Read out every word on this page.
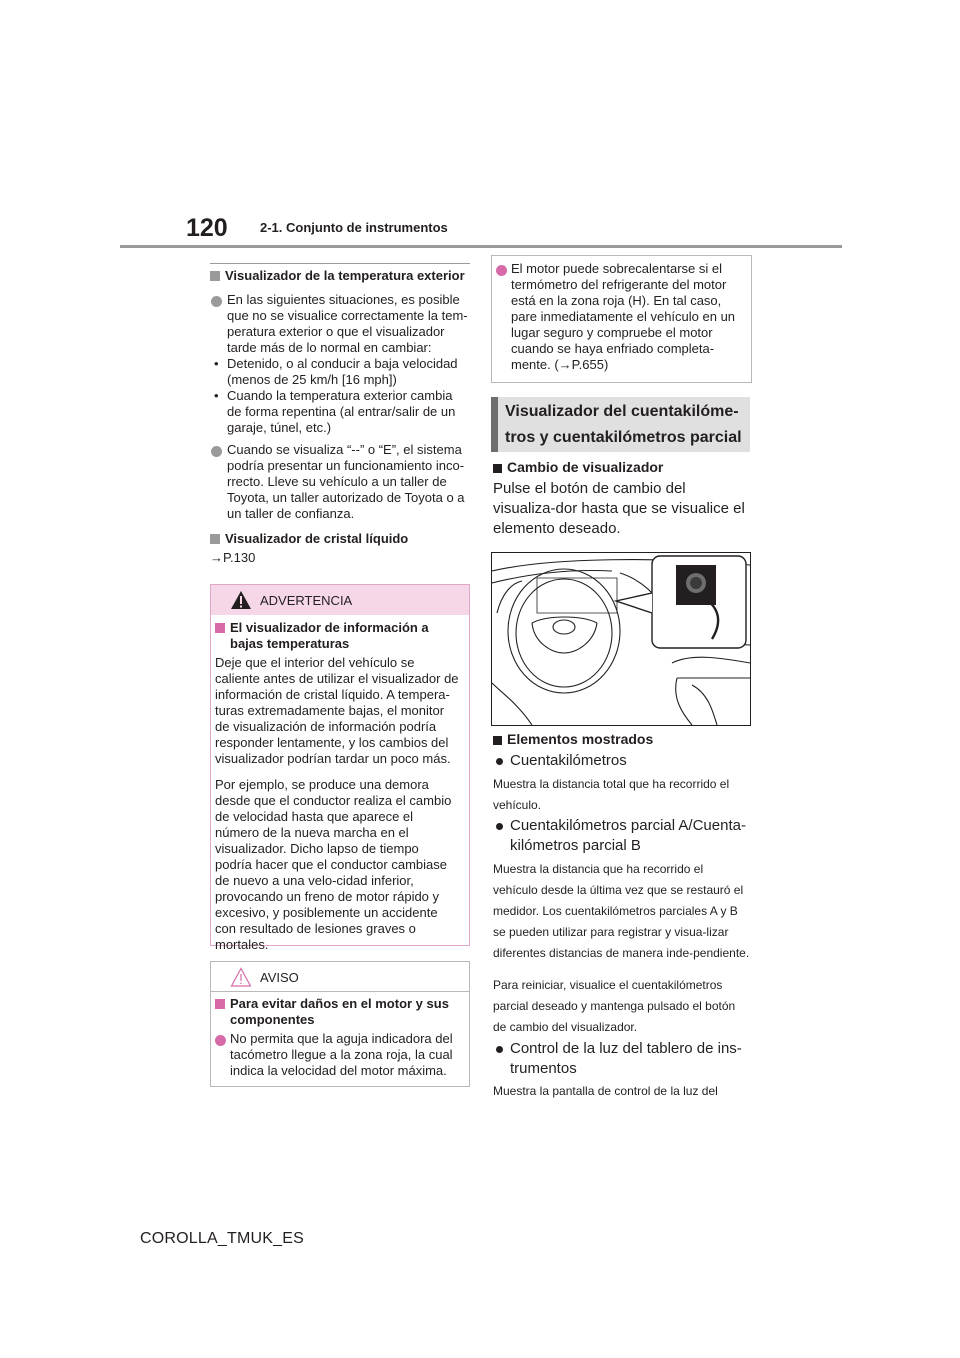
120 2-1. Conjunto de instrumentos
Visualizador de la temperatura exterior
En las siguientes situaciones, es posible que no se visualice correctamente la tem-peratura exterior o que el visualizador tarde más de lo normal en cambiar:
• Detenido, o al conducir a baja velocidad (menos de 25 km/h [16 mph])
• Cuando la temperatura exterior cambia de forma repentina (al entrar/salir de un garaje, túnel, etc.)
Cuando se visualiza “--” o “E”, el sistema podría presentar un funcionamiento inco-rrecto. Lleve su vehículo a un taller de Toyota, un taller autorizado de Toyota o a un taller de confianza.
Visualizador de cristal líquido
→P.130
ADVERTENCIA
El visualizador de información a bajas temperaturas
Deje que el interior del vehículo se caliente antes de utilizar el visualizador de información de cristal líquido. A tempera-turas extremadamente bajas, el monitor de visualización de información podría responder lentamente, y los cambios del visualizador podrían tardar un poco más.
Por ejemplo, se produce una demora desde que el conductor realiza el cambio de velocidad hasta que aparece el número de la nueva marcha en el visualizador. Dicho lapso de tiempo podría hacer que el conductor cambiase de nuevo a una velo-cidad inferior, provocando un freno de motor rápido y excesivo, y posiblemente un accidente con resultado de lesiones graves o mortales.
AVISO
Para evitar daños en el motor y sus componentes
No permita que la aguja indicadora del tacómetro llegue a la zona roja, la cual indica la velocidad del motor máxima.
El motor puede sobrecalentarse si el termómetro del refrigerante del motor está en la zona roja (H). En tal caso, pare inmediatamente el vehículo en un lugar seguro y compruebe el motor cuando se haya enfriado completa-mente. (→P.655)
Visualizador del cuentakilóme-tros y cuentakilómetros parcial
Cambio de visualizador
Pulse el botón de cambio del visualiza-dor hasta que se visualice el elemento deseado.
Elementos mostrados
Cuentakilómetros
Muestra la distancia total que ha recorrido el vehículo.
Cuentakilómetros parcial A/Cuenta-kilómetros parcial B
Muestra la distancia que ha recorrido el vehículo desde la última vez que se restauró el medidor. Los cuentakilómetros parciales A y B se pueden utilizar para registrar y visua-lizar diferentes distancias de manera inde-pendiente.
Para reiniciar, visualice el cuentakilómetros parcial deseado y mantenga pulsado el botón de cambio del visualizador.
Control de la luz del tablero de ins-trumentos
Muestra la pantalla de control de la luz del
COROLLA_TMUK_ES
